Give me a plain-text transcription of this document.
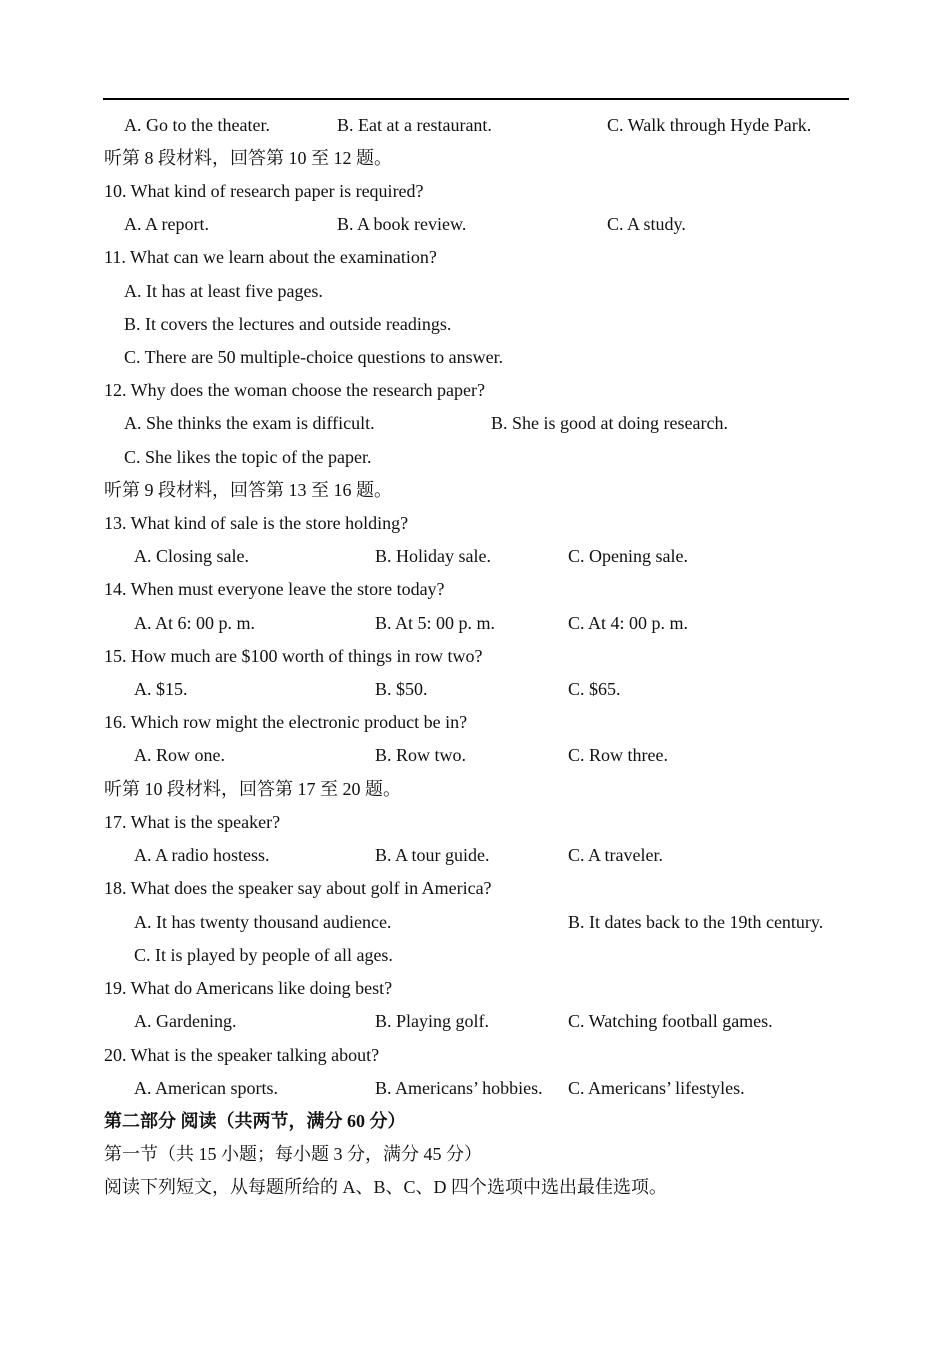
A. Go to the theater.	B. Eat at a restaurant.	C. Walk through Hyde Park.
听第 8 段材料，回答第 10 至 12 题。
10. What kind of research paper is required?
A. A report.	B. A book review.	C. A study.
11. What can we learn about the examination?
A. It has at least five pages.
B. It covers the lectures and outside readings.
C. There are 50 multiple-choice questions to answer.
12. Why does the woman choose the research paper?
A. She thinks the exam is difficult.	B. She is good at doing research.
C. She likes the topic of the paper.
听第 9 段材料，回答第 13 至 16 题。
13. What kind of sale is the store holding?
A. Closing sale.	B. Holiday sale.	C. Opening sale.
14. When must everyone leave the store today?
A. At 6: 00 p. m.	B. At 5: 00 p. m.	C. At 4: 00 p. m.
15. How much are $100 worth of things in row two?
A. $15.	B. $50.	C. $65.
16. Which row might the electronic product be in?
A. Row one.	B. Row two.	C. Row three.
听第 10 段材料，回答第 17 至 20 题。
17. What is the speaker?
A. A radio hostess.	B. A tour guide.	C. A traveler.
18. What does the speaker say about golf in America?
A. It has twenty thousand audience.	B. It dates back to the 19th century.
C. It is played by people of all ages.
19. What do Americans like doing best?
A. Gardening.	B. Playing golf.	C. Watching football games.
20. What is the speaker talking about?
A. American sports.	B. Americans’ hobbies. C. Americans’ lifestyles.
第二部分 阅读（共两节，满分 60 分）
第一节（共 15 小题；每小题 3 分，满分 45 分）
阅读下列短文，从每题所给的 A、B、C、D 四个选项中选出最佳选项。
